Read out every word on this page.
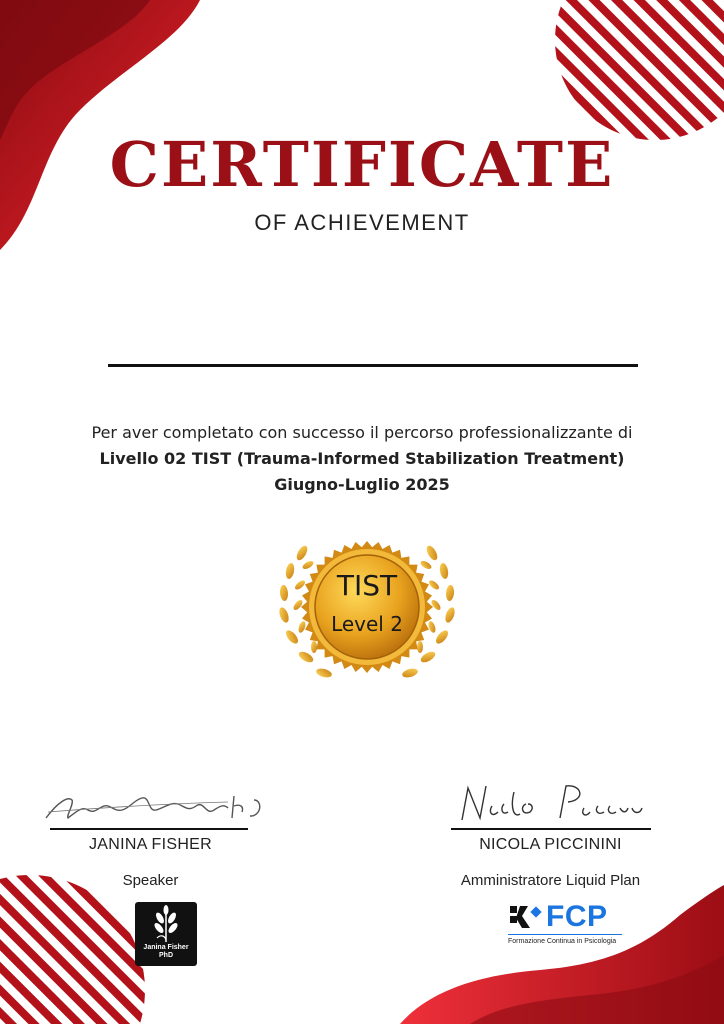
CERTIFICATE
OF ACHIEVEMENT
Per aver completato con successo il percorso professionalizzante di
Livello 02 TIST (Trauma-Informed Stabilization Treatment)
Giugno-Luglio 2025
TIST
Level 2
JANINA FISHER
Speaker
NICOLA PICCININI
Amministratore Liquid Plan
Janina Fisher
PhD
FCP
Formazione Continua in Psicologia
